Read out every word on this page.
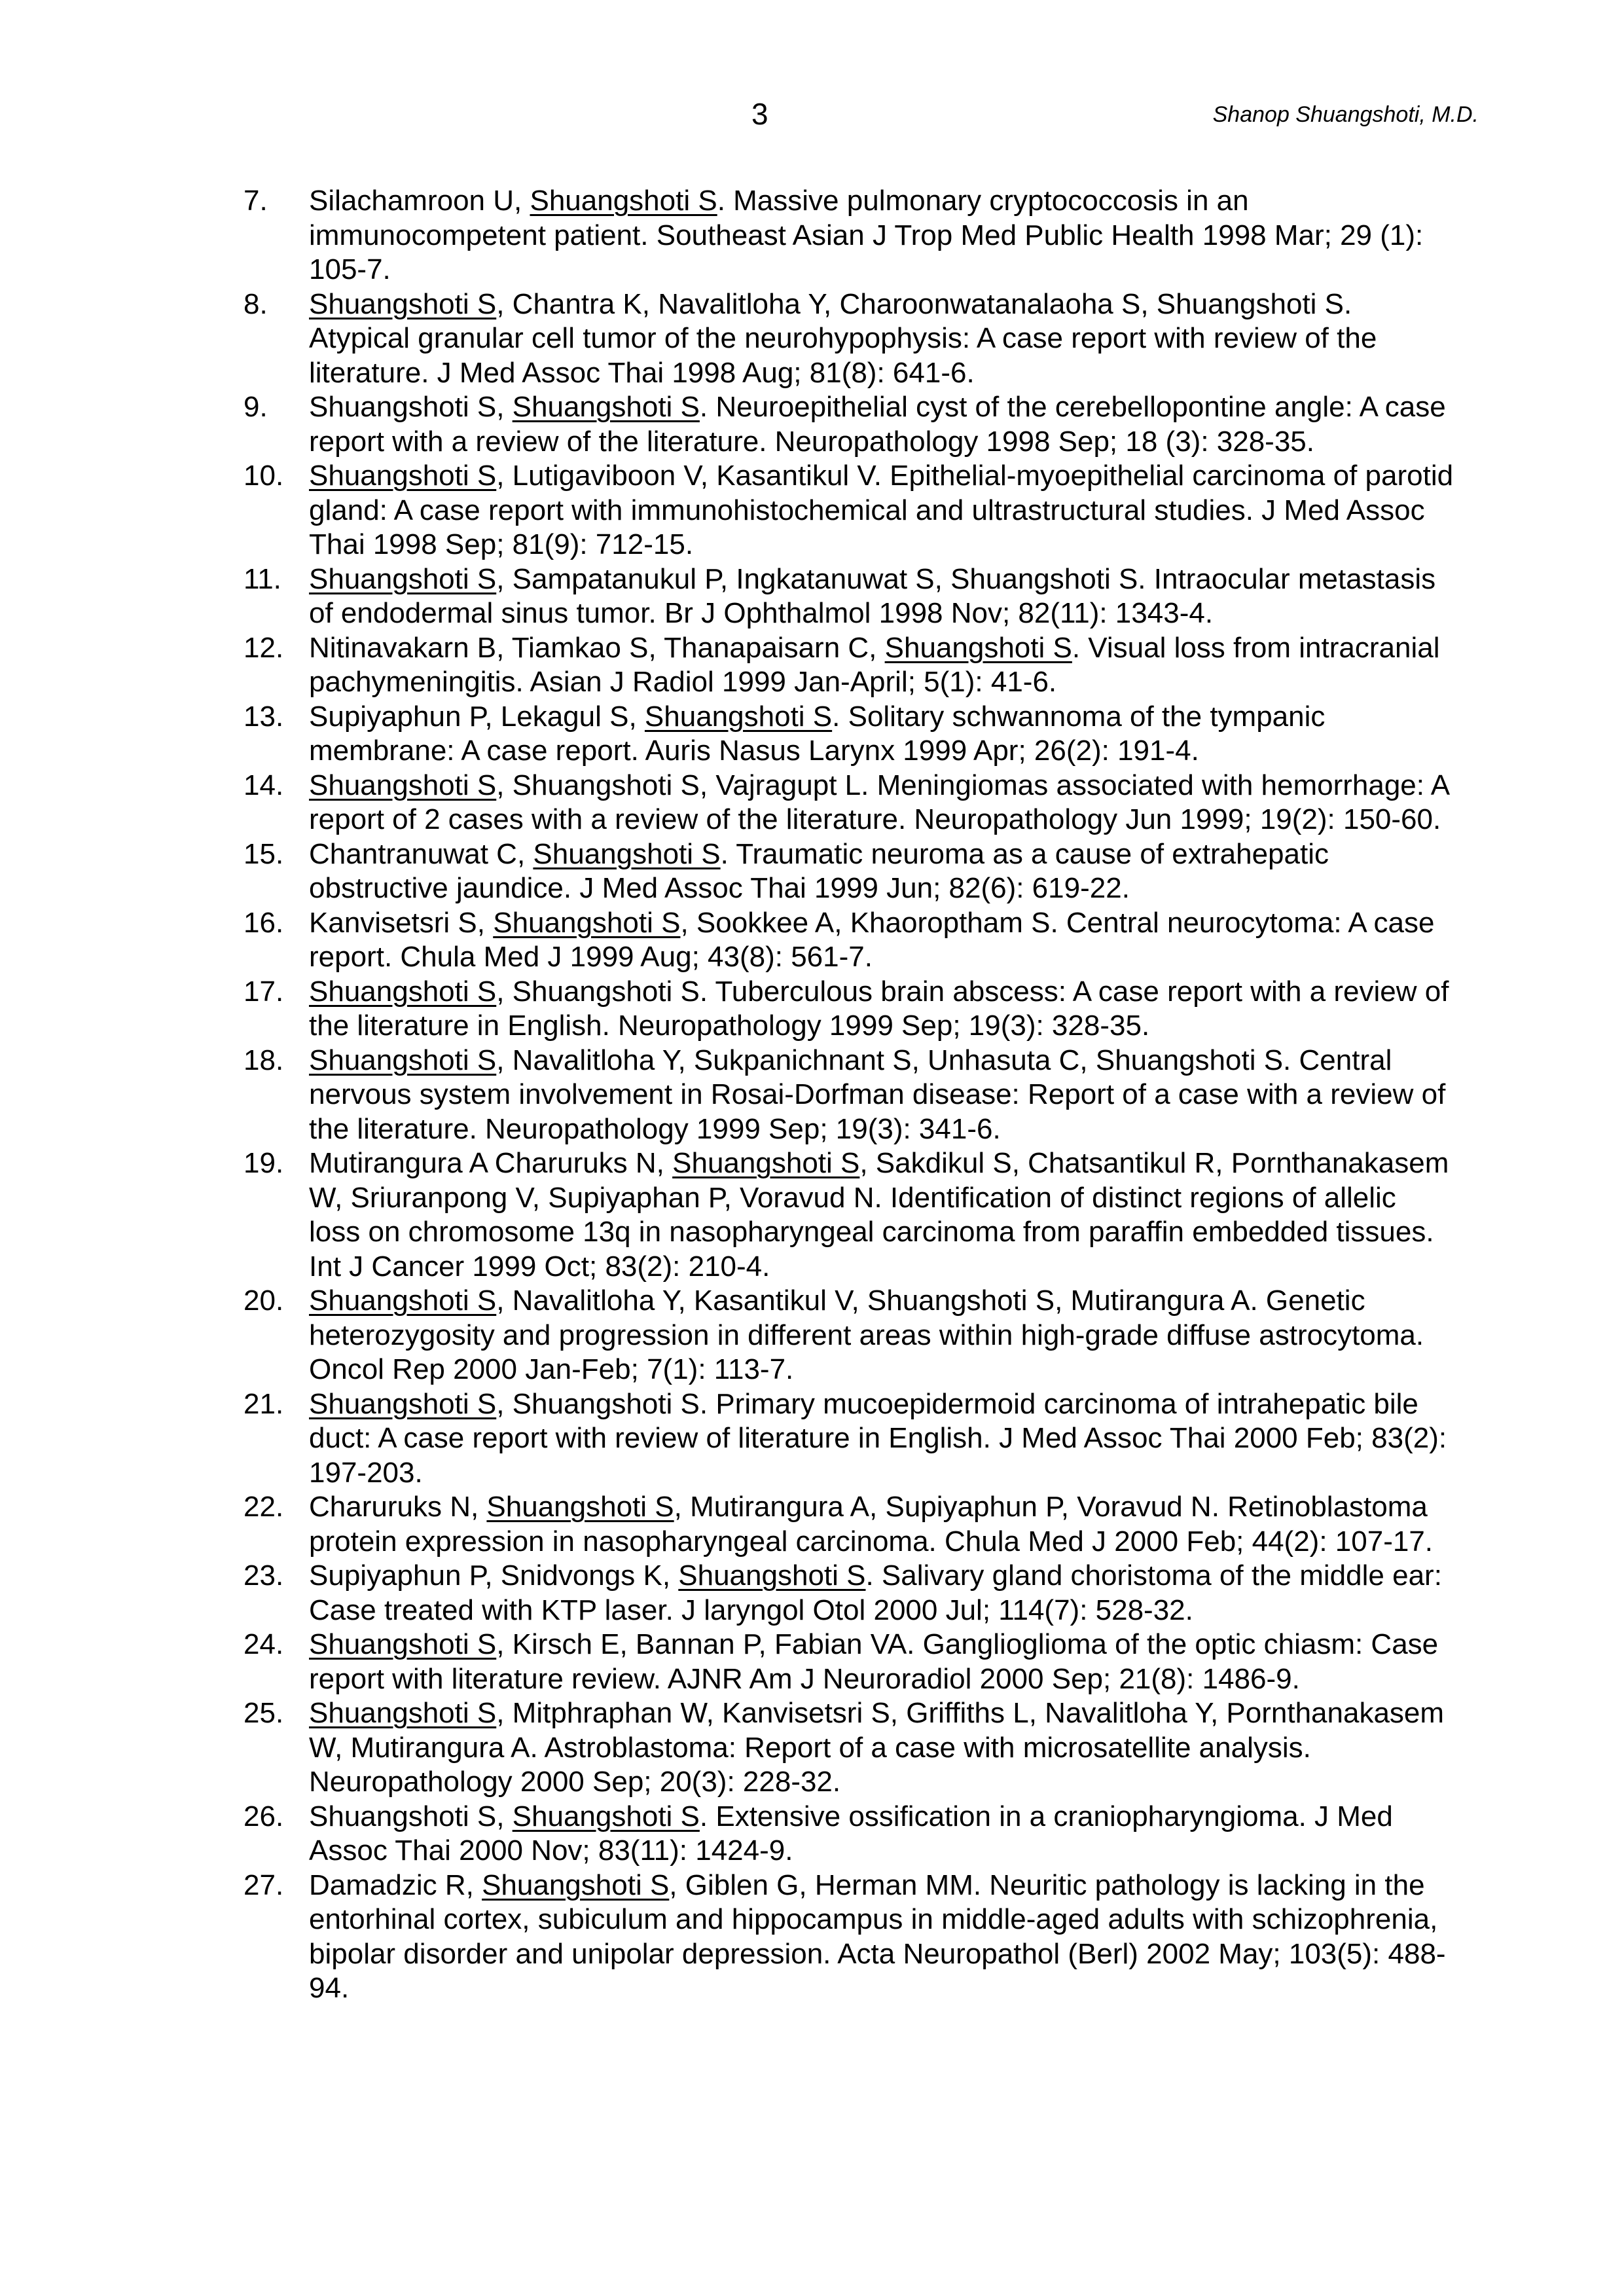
3	Shanop Shuangshoti, M.D.
7. Silachamroon U, Shuangshoti S. Massive pulmonary cryptococcosis in an immunocompetent patient. Southeast Asian J Trop Med Public Health 1998 Mar; 29 (1): 105-7.
8. Shuangshoti S, Chantra K, Navalitloha Y, Charoonwatanalaoha S, Shuangshoti S. Atypical granular cell tumor of the neurohypophysis: A case report with review of the literature. J Med Assoc Thai 1998 Aug; 81(8): 641-6.
9. Shuangshoti S, Shuangshoti S. Neuroepithelial cyst of the cerebellopontine angle: A case report with a review of the literature. Neuropathology 1998 Sep; 18 (3): 328-35.
10. Shuangshoti S, Lutigaviboon V, Kasantikul V. Epithelial-myoepithelial carcinoma of parotid gland: A case report with immunohistochemical and ultrastructural studies. J Med Assoc Thai 1998 Sep; 81(9): 712-15.
11. Shuangshoti S, Sampatanukul P, Ingkatanuwat S, Shuangshoti S. Intraocular metastasis of endodermal sinus tumor. Br J Ophthalmol 1998 Nov; 82(11): 1343-4.
12. Nitinavakarn B, Tiamkao S, Thanapaisarn C, Shuangshoti S. Visual loss from intracranial pachymeningitis. Asian J Radiol 1999 Jan-April; 5(1): 41-6.
13. Supiyaphun P, Lekagul S, Shuangshoti S. Solitary schwannoma of the tympanic membrane: A case report. Auris Nasus Larynx 1999 Apr; 26(2): 191-4.
14. Shuangshoti S, Shuangshoti S, Vajragupt L. Meningiomas associated with hemorrhage: A report of 2 cases with a review of the literature. Neuropathology Jun 1999; 19(2): 150-60.
15. Chantranuwat C, Shuangshoti S. Traumatic neuroma as a cause of extrahepatic obstructive jaundice. J Med Assoc Thai 1999 Jun; 82(6): 619-22.
16. Kanvisetsri S, Shuangshoti S, Sookkee A, Khaoroptham S. Central neurocytoma: A case report. Chula Med J 1999 Aug; 43(8): 561-7.
17. Shuangshoti S, Shuangshoti S. Tuberculous brain abscess: A case report with a review of the literature in English. Neuropathology 1999 Sep; 19(3): 328-35.
18. Shuangshoti S, Navalitloha Y, Sukpanichnant S, Unhasuta C, Shuangshoti S. Central nervous system involvement in Rosai-Dorfman disease: Report of a case with a review of the literature. Neuropathology 1999 Sep; 19(3): 341-6.
19. Mutirangura A Charuruks N, Shuangshoti S, Sakdikul S, Chatsantikul R, Pornthanakasem W, Sriuranpong V, Supiyaphan P, Voravud N. Identification of distinct regions of allelic loss on chromosome 13q in nasopharyngeal carcinoma from paraffin embedded tissues. Int J Cancer 1999 Oct; 83(2): 210-4.
20. Shuangshoti S, Navalitloha Y, Kasantikul V, Shuangshoti S, Mutirangura A. Genetic heterozygosity and progression in different areas within high-grade diffuse astrocytoma. Oncol Rep 2000 Jan-Feb; 7(1): 113-7.
21. Shuangshoti S, Shuangshoti S. Primary mucoepidermoid carcinoma of intrahepatic bile duct: A case report with review of literature in English. J Med Assoc Thai 2000 Feb; 83(2): 197-203.
22. Charuruks N, Shuangshoti S, Mutirangura A, Supiyaphun P, Voravud N. Retinoblastoma protein expression in nasopharyngeal carcinoma. Chula Med J 2000 Feb; 44(2): 107-17.
23. Supiyaphun P, Snidvongs K, Shuangshoti S. Salivary gland choristoma of the middle ear: Case treated with KTP laser. J laryngol Otol 2000 Jul; 114(7): 528-32.
24. Shuangshoti S, Kirsch E, Bannan P, Fabian VA. Ganglioglioma of the optic chiasm: Case report with literature review. AJNR Am J Neuroradiol 2000 Sep; 21(8): 1486-9.
25. Shuangshoti S, Mitphraphan W, Kanvisetsri S, Griffiths L, Navalitloha Y, Pornthanakasem W, Mutirangura A. Astroblastoma: Report of a case with microsatellite analysis. Neuropathology 2000 Sep; 20(3): 228-32.
26. Shuangshoti S, Shuangshoti S. Extensive ossification in a craniopharyngioma. J Med Assoc Thai 2000 Nov; 83(11): 1424-9.
27. Damadzic R, Shuangshoti S, Giblen G, Herman MM. Neuritic pathology is lacking in the entorhinal cortex, subiculum and hippocampus in middle-aged adults with schizophrenia, bipolar disorder and unipolar depression. Acta Neuropathol (Berl) 2002 May; 103(5): 488-94.
